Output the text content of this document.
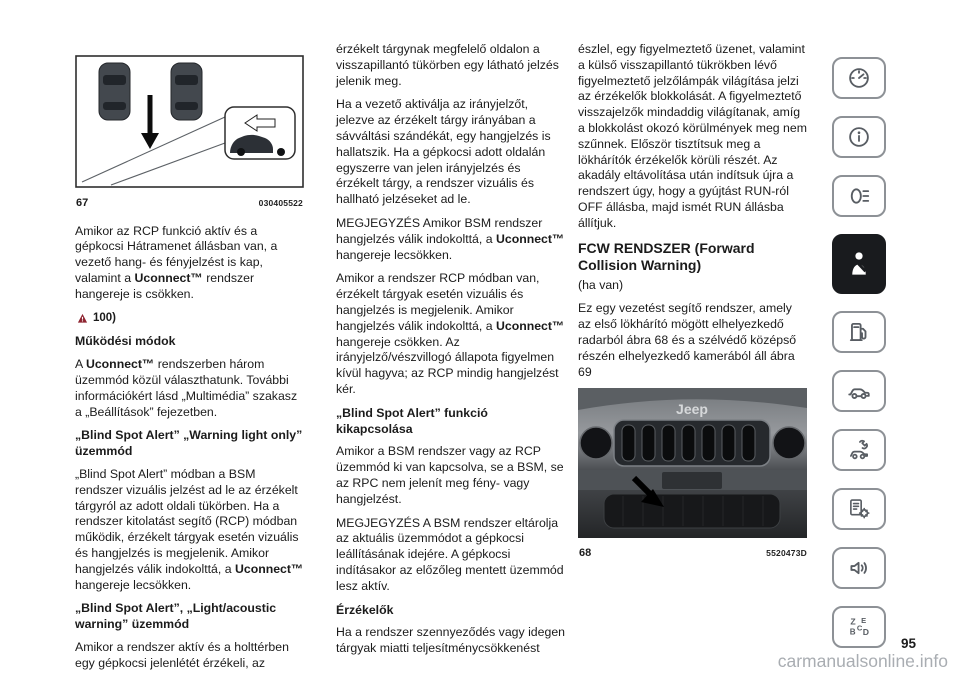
67	030405522

Amikor az RCP funkció aktív és a gépkocsi Hátramenet állásban van, a vezető hang- és fényjelzést is kap, valamint a Uconnect™ rendszer hangereje is csökken.

100)
Működési módok

A Uconnect™ rendszerben három üzemmód közül választhatunk. További információkért lásd „Multimédia” szakasz a „Beállítások” fejezetben.

„Blind Spot Alert” „Warning light only” üzemmód

„Blind Spot Alert” módban a BSM rendszer vizuális jelzést ad le az érzékelt tárgyról az adott oldali tükörben. Ha a rendszer kitolatást segítő (RCP) módban működik, érzékelt tárgyak esetén vizuális és hangjelzés is megjelenik. Amikor hangjelzés válik indokolttá, a Uconnect™ hangereje lecsökken.

„Blind Spot Alert”, „Light/acoustic warning” üzemmód

Amikor a rendszer aktív és a holttérben egy gépkocsi jelenlétét érzékeli, az

érzékelt tárgynak megfelelő oldalon a visszapillantó tükörben egy látható jelzés jelenik meg.

Ha a vezető aktiválja az irányjelzőt, jelezve az érzékelt tárgy irányában a sávváltási szándékát, egy hangjelzés is hallatszik. Ha a gépkocsi adott oldalán egyszerre van jelen irányjelzés és érzékelt tárgy, a rendszer vizuális és hallható jelzéseket ad le.

MEGJEGYZÉS Amikor BSM rendszer hangjelzés válik indokolttá, a Uconnect™ hangereje lecsökken.

Amikor a rendszer RCP módban van, érzékelt tárgyak esetén vizuális és hangjelzés is megjelenik. Amikor hangjelzés válik indokolttá, a Uconnect™ hangereje csökken. Az irányjelző/vészvillogó állapota figyelmen kívül hagyva; az RCP mindig hangjelzést kér.

„Blind Spot Alert” funkció kikapcsolása

Amikor a BSM rendszer vagy az RCP üzemmód ki van kapcsolva, se a BSM, se az RPC nem jelenít meg fény- vagy hangjelzést.

MEGJEGYZÉS A BSM rendszer eltárolja az aktuális üzemmódot a gépkocsi leállításának idejére. A gépkocsi indításakor az előzőleg mentett üzemmód lesz aktív.

Érzékelők

Ha a rendszer szennyeződés vagy idegen tárgyak miatti teljesítménycsökkenést

észlel, egy figyelmeztető üzenet, valamint a külső visszapillantó tükrökben lévő figyelmeztető jelzőlámpák világítása jelzi az érzékelők blokkolását. A figyelmeztető visszajelzők mindaddig világítanak, amíg a blokkolást okozó körülmények meg nem szűnnek. Először tisztítsuk meg a lökhárítók érzékelők körüli részét. Az akadály eltávolítása után indítsuk újra a rendszert úgy, hogy a gyújtást RUN-ról OFF állásba, majd ismét RUN állásba állítjuk.

FCW RENDSZER (Forward Collision Warning)

(ha van)

Ez egy vezetést segítő rendszer, amely az első lökhárító mögött elhelyezkedő radarból ábra 68 és a szélvédő középső részén elhelyezkedő kamerából áll ábra 69

Jeep
68	5520473D
Z E
B C D
95
carmanualsonline.info
